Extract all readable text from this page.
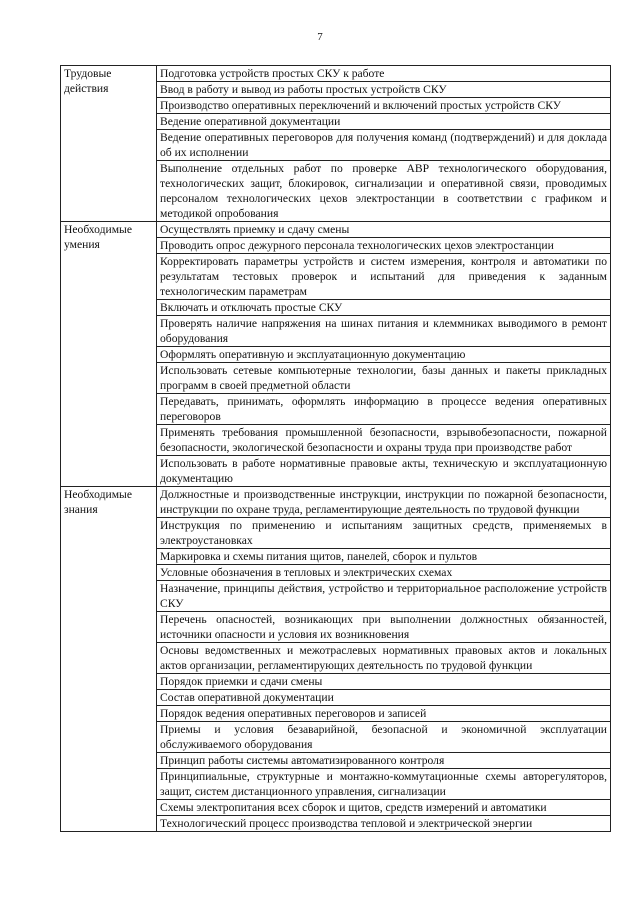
7
Трудовые действия	Подготовка устройств простых СКУ к работе
	Ввод в работу и вывод из работы простых устройств СКУ
	Производство оперативных переключений и включений простых устройств СКУ
	Ведение оперативной документации
	Ведение оперативных переговоров для получения команд (подтверждений) и для доклада об их исполнении
	Выполнение отдельных работ по проверке АВР технологического оборудования, технологических защит, блокировок, сигнализации и оперативной связи, проводимых персоналом технологических цехов электростанции в соответствии с графиком и методикой опробования
Необходимые умения	Осуществлять приемку и сдачу смены
	Проводить опрос дежурного персонала технологических цехов электростанции
	Корректировать параметры устройств и систем измерения, контроля и автоматики по результатам тестовых проверок и испытаний для приведения к заданным технологическим параметрам
	Включать и отключать простые СКУ
	Проверять наличие напряжения на шинах питания и клеммниках выводимого в ремонт оборудования
	Оформлять оперативную и эксплуатационную документацию
	Использовать сетевые компьютерные технологии, базы данных и пакеты прикладных программ в своей предметной области
	Передавать, принимать, оформлять информацию в процессе ведения оперативных переговоров
	Применять требования промышленной безопасности, взрывобезопасности, пожарной безопасности, экологической безопасности и охраны труда при производстве работ
	Использовать в работе нормативные правовые акты, техническую и эксплуатационную документацию
Необходимые знания	Должностные и производственные инструкции, инструкции по пожарной безопасности, инструкции по охране труда, регламентирующие деятельность по трудовой функции
	Инструкция по применению и испытаниям защитных средств, применяемых в электроустановках
	Маркировка и схемы питания щитов, панелей, сборок и пультов
	Условные обозначения в тепловых и электрических схемах
	Назначение, принципы действия, устройство и территориальное расположение устройств СКУ
	Перечень опасностей, возникающих при выполнении должностных обязанностей, источники опасности и условия их возникновения
	Основы ведомственных и межотраслевых нормативных правовых актов и локальных актов организации, регламентирующих деятельность по трудовой функции
	Порядок приемки и сдачи смены
	Состав оперативной документации
	Порядок ведения оперативных переговоров и записей
	Приемы и условия безаварийной, безопасной и экономичной эксплуатации обслуживаемого оборудования
	Принцип работы системы автоматизированного контроля
	Принципиальные, структурные и монтажно-коммутационные схемы авторегуляторов, защит, систем дистанционного управления, сигнализации
	Схемы электропитания всех сборок и щитов, средств измерений и автоматики
	Технологический процесс производства тепловой и электрической энергии
